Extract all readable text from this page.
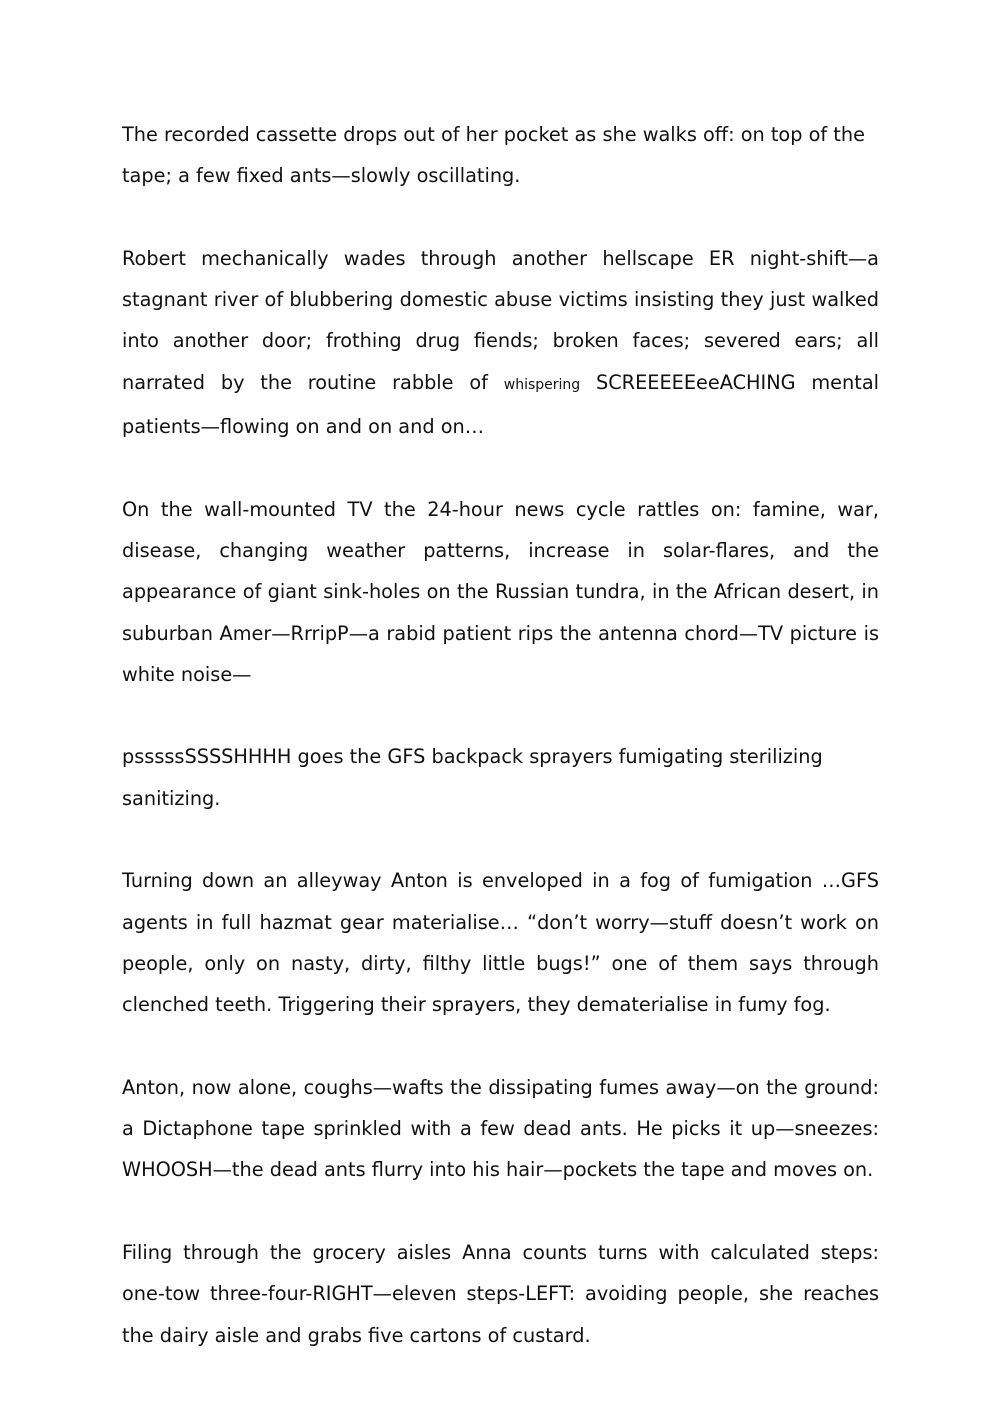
The recorded cassette drops out of her pocket as she walks off: on top of the tape; a few fixed ants—slowly oscillating.

Robert mechanically wades through another hellscape ER night-shift—a stagnant river of blubbering domestic abuse victims insisting they just walked into another door; frothing drug fiends; broken faces; severed ears; all narrated by the routine rabble of whispering SCREEEEEeeACHING mental patients—flowing on and on and on…

On the wall-mounted TV the 24-hour news cycle rattles on: famine, war, disease, changing weather patterns, increase in solar-flares, and the appearance of giant sink-holes on the Russian tundra, in the African desert, in suburban Amer—RrripP—a rabid patient rips the antenna chord—TV picture is white noise—

psssssSSSSHHHH goes the GFS backpack sprayers fumigating sterilizing sanitizing.

Turning down an alleyway Anton is enveloped in a fog of fumigation …GFS agents in full hazmat gear materialise… “don’t worry—stuff doesn’t work on people, only on nasty, dirty, filthy little bugs!” one of them says through clenched teeth. Triggering their sprayers, they dematerialise in fumy fog.

Anton, now alone, coughs—wafts the dissipating fumes away—on the ground: a Dictaphone tape sprinkled with a few dead ants. He picks it up—sneezes: WHOOSH—the dead ants flurry into his hair—pockets the tape and moves on.

Filing through the grocery aisles Anna counts turns with calculated steps: one-tow three-four-RIGHT—eleven steps-LEFT: avoiding people, she reaches the dairy aisle and grabs five cartons of custard.
